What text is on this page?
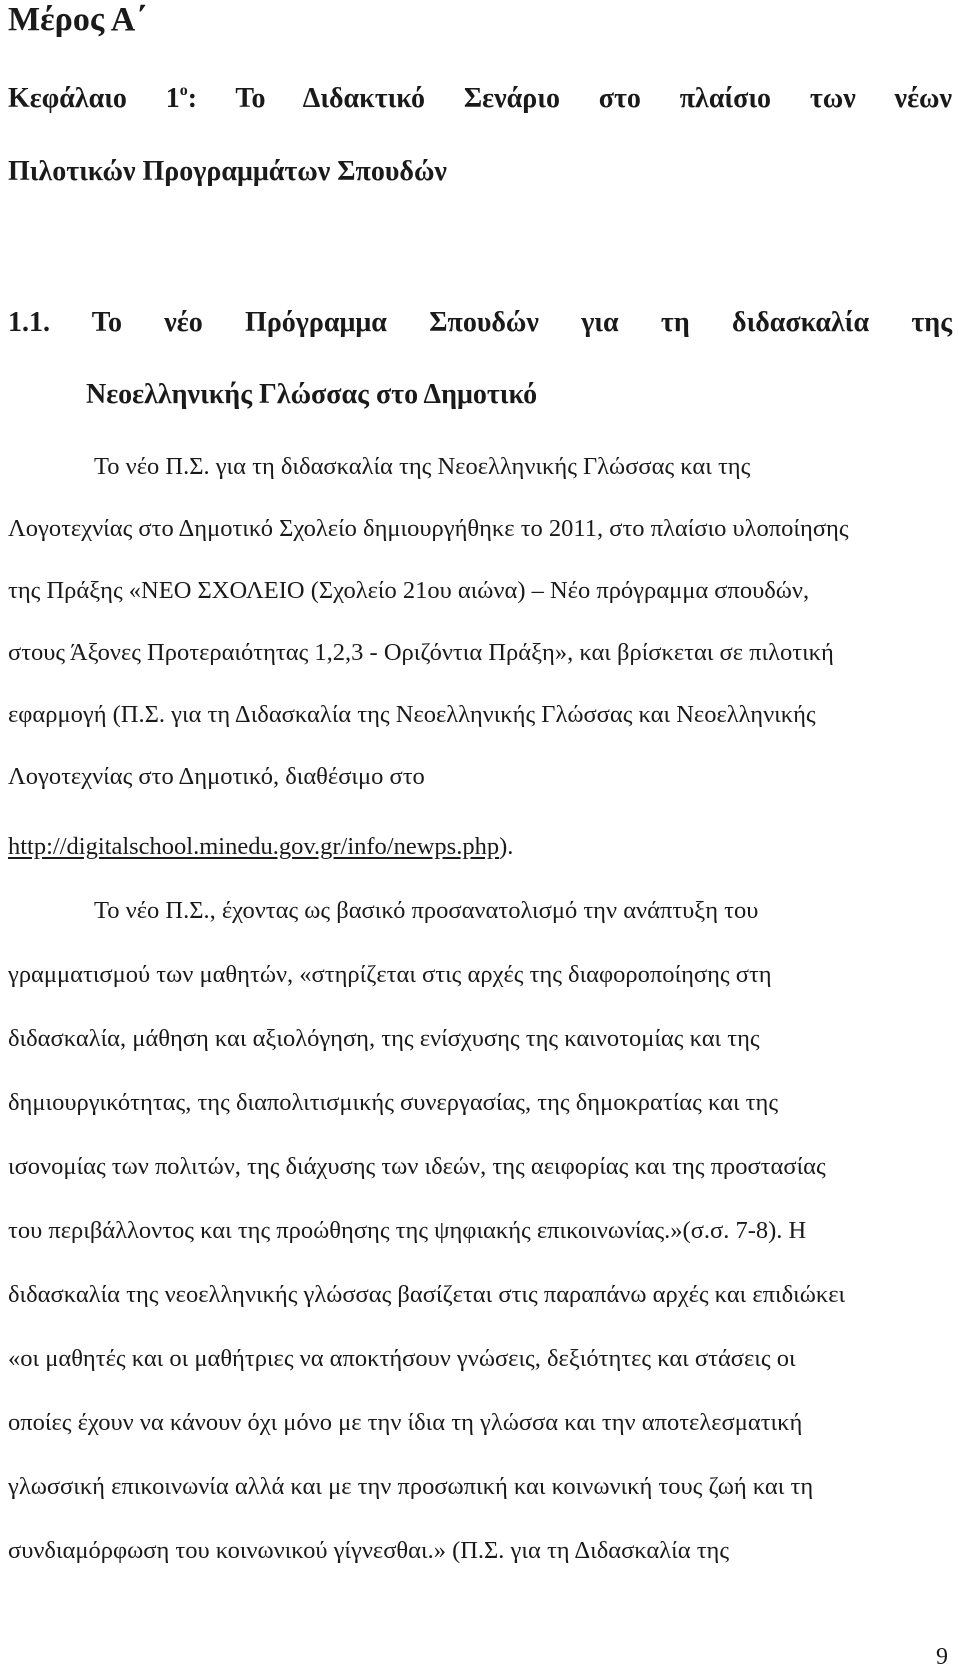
Μέρος Α΄
Κεφάλαιο $1^o$: Το Διδακτικό Σενάριο στο πλαίσιο των νέων
Πιλοτικών Προγραμμάτων Σπουδών
1.1. Το νέο Πρόγραμμα Σπουδών για τη διδασκαλία της
Νεοελληνικής Γλώσσας στο Δημοτικό
Το νέο Π.Σ. για τη διδασκαλία της Νεοελληνικής Γλώσσας και της
Λογοτεχνίας στο Δημοτικό Σχολείο δημιουργήθηκε το 2011, στο πλαίσιο υλοποίησης
της Πράξης «ΝΕΟ ΣΧΟΛΕΙΟ (Σχολείο 21ου αιώνα) – Νέο πρόγραμμα σπουδών,
στους Άξονες Προτεραιότητας 1,2,3 - Οριζόντια Πράξη», και βρίσκεται σε πιλοτική
εφαρμογή (Π.Σ. για τη Διδασκαλία της Νεοελληνικής Γλώσσας και Νεοελληνικής
Λογοτεχνίας στο Δημοτικό, διαθέσιμο στο
http://digitalschool.minedu.gov.gr/info/newps.php).
Το νέο Π.Σ., έχοντας ως βασικό προσανατολισμό την ανάπτυξη του
γραμματισμού των μαθητών, «στηρίζεται στις αρχές της διαφοροποίησης στη
διδασκαλία, μάθηση και αξιολόγηση, της ενίσχυσης της καινοτομίας και της
δημιουργικότητας, της διαπολιτισμικής συνεργασίας, της δημοκρατίας και της
ισονομίας των πολιτών, της διάχυσης των ιδεών, της αειφορίας και της προστασίας
του περιβάλλοντος και της προώθησης της ψηφιακής επικοινωνίας.»(σ.σ. 7-8). Η
διδασκαλία της νεοελληνικής γλώσσας βασίζεται στις παραπάνω αρχές και επιδιώκει
«οι μαθητές και οι μαθήτριες να αποκτήσουν γνώσεις, δεξιότητες και στάσεις οι
οποίες έχουν να κάνουν όχι μόνο με την ίδια τη γλώσσα και την αποτελεσματική
γλωσσική επικοινωνία αλλά και με την προσωπική και κοινωνική τους ζωή και τη
συνδιαμόρφωση του κοινωνικού γίγνεσθαι.» (Π.Σ. για τη Διδασκαλία της
9
